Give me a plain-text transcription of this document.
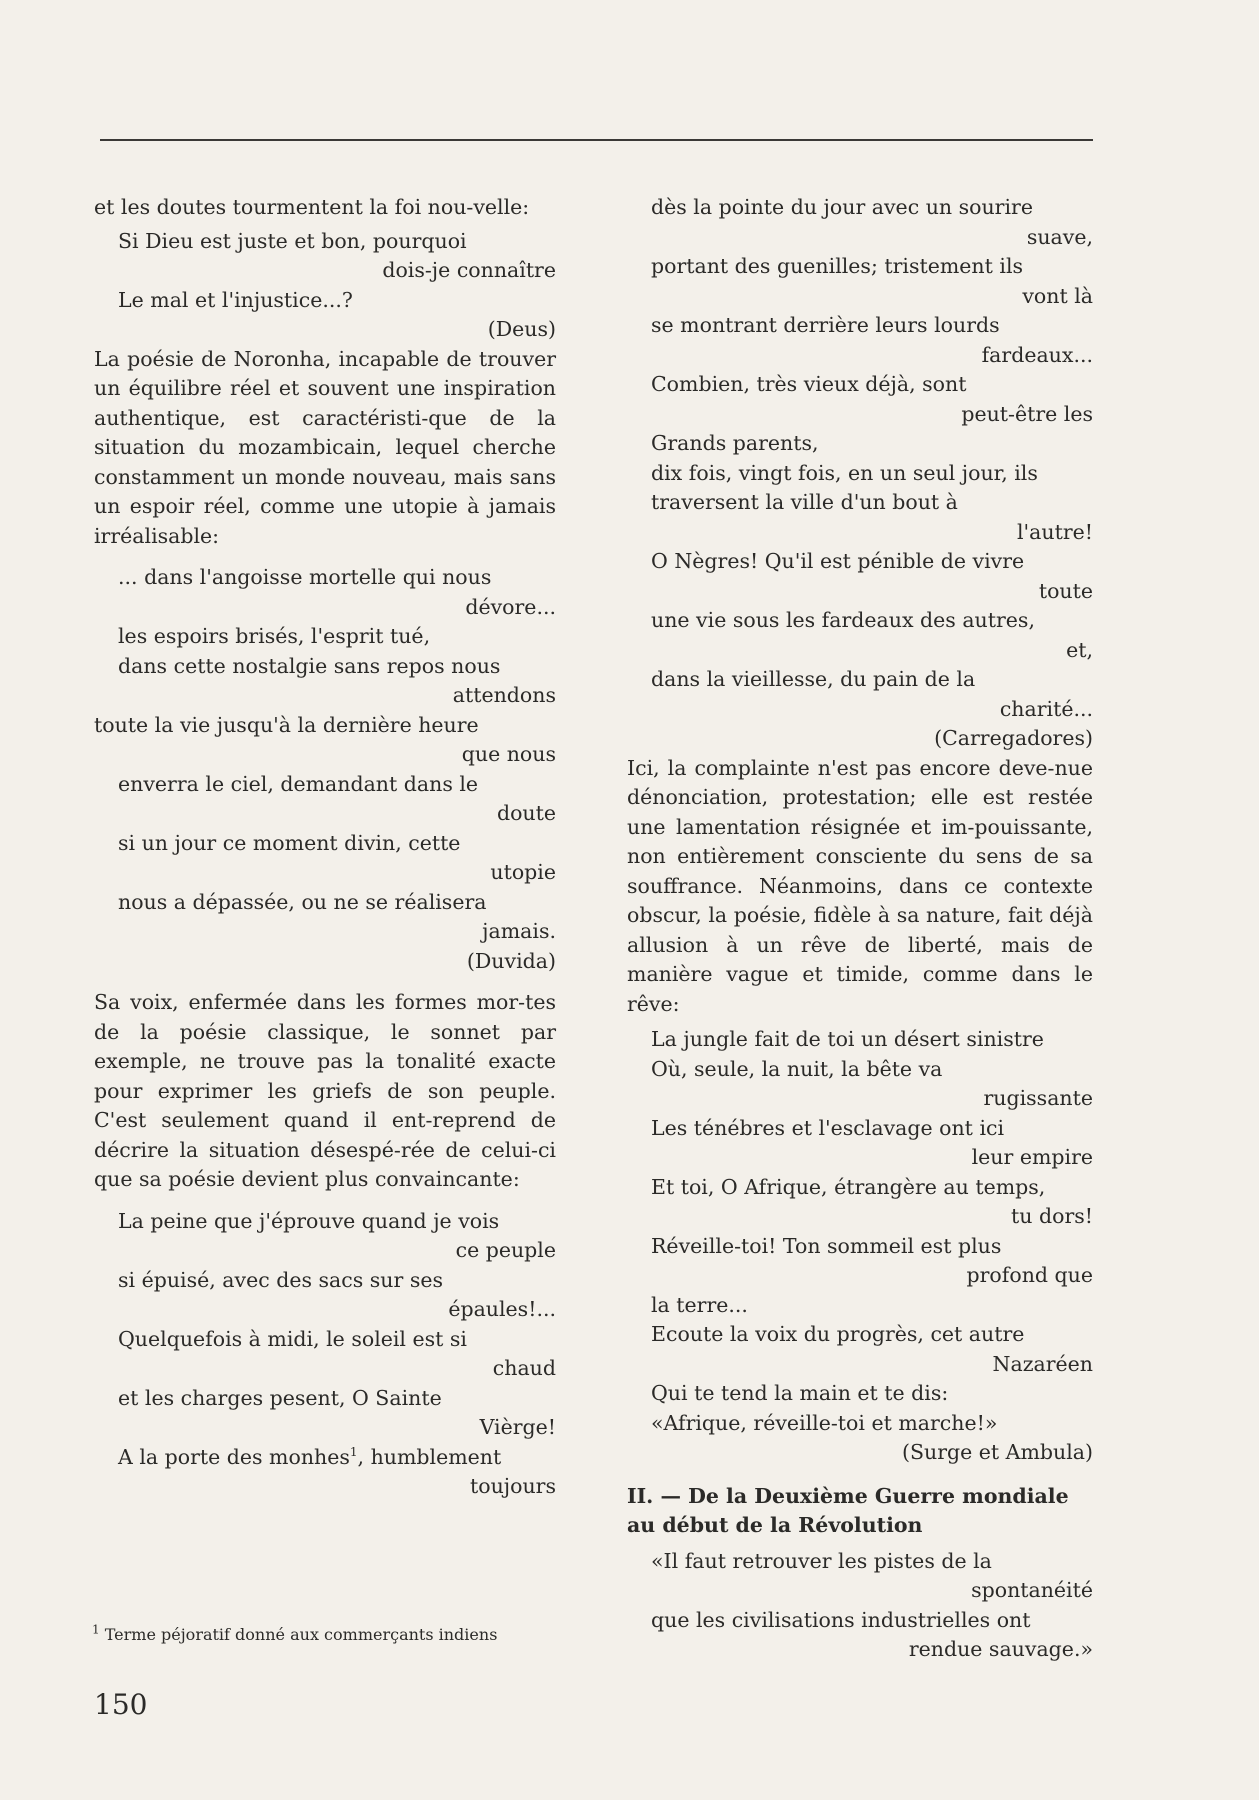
et les doutes tourmentent la foi nou-velle:

Si Dieu est juste et bon, pourquoi
dois-je connaître
Le mal et l'injustice...?
(Deus)

La poésie de Noronha, incapable de trouver un équilibre réel et souvent une inspiration authentique, est caractéristi-que de la situation du mozambicain, lequel cherche constamment un monde nouveau, mais sans un espoir réel, comme une utopie à jamais irréalisable:

... dans l'angoisse mortelle qui nous
dévore...
les espoirs brisés, l'esprit tué,
dans cette nostalgie sans repos nous
attendons
toute la vie jusqu'à la dernière heure
que nous
enverra le ciel, demandant dans le
doute
si un jour ce moment divin, cette
utopie
nous a dépassée, ou ne se réalisera
jamais.
(Duvida)

Sa voix, enfermée dans les formes mor-tes de la poésie classique, le sonnet par exemple, ne trouve pas la tonalité exacte pour exprimer les griefs de son peuple. C'est seulement quand il ent-reprend de décrire la situation désespé-rée de celui-ci que sa poésie devient plus convaincante:

La peine que j'éprouve quand je vois
ce peuple
si épuisé, avec des sacs sur ses
épaules!...
Quelquefois à midi, le soleil est si
chaud
et les charges pesent, O Sainte
Vièrge!
A la porte des monhes$^1$, humblement
toujours
$^1$ Terme péjoratif donné aux commerçants indiens
150
dès la pointe du jour avec un sourire
suave,
portant des guenilles; tristement ils
vont là
se montrant derrière leurs lourds
fardeaux...
Combien, très vieux déjà, sont
peut-être les
Grands parents,
dix fois, vingt fois, en un seul jour, ils
traversent la ville d'un bout à
l'autre!
O Nègres! Qu'il est pénible de vivre
toute
une vie sous les fardeaux des autres,
et,
dans la vieillesse, du pain de la
charité...
(Carregadores)

Ici, la complainte n'est pas encore deve-nue dénonciation, protestation; elle est restée une lamentation résignée et im-pouissante, non entièrement consciente du sens de sa souffrance. Néanmoins, dans ce contexte obscur, la poésie, fidèle à sa nature, fait déjà allusion à un rêve de liberté, mais de manière vague et timide, comme dans le rêve:

La jungle fait de toi un désert sinistre
Où, seule, la nuit, la bête va
rugissante
Les ténébres et l'esclavage ont ici
leur empire
Et toi, O Afrique, étrangère au temps,
tu dors!
Réveille-toi! Ton sommeil est plus
profond que
la terre...
Ecoute la voix du progrès, cet autre
Nazaréen
Qui te tend la main et te dis:
«Afrique, réveille-toi et marche!»
(Surge et Ambula)
II. — De la Deuxième Guerre mondiale
au début de la Révolution
«Il faut retrouver les pistes de la
spontanéité
que les civilisations industrielles ont
rendue sauvage.»
